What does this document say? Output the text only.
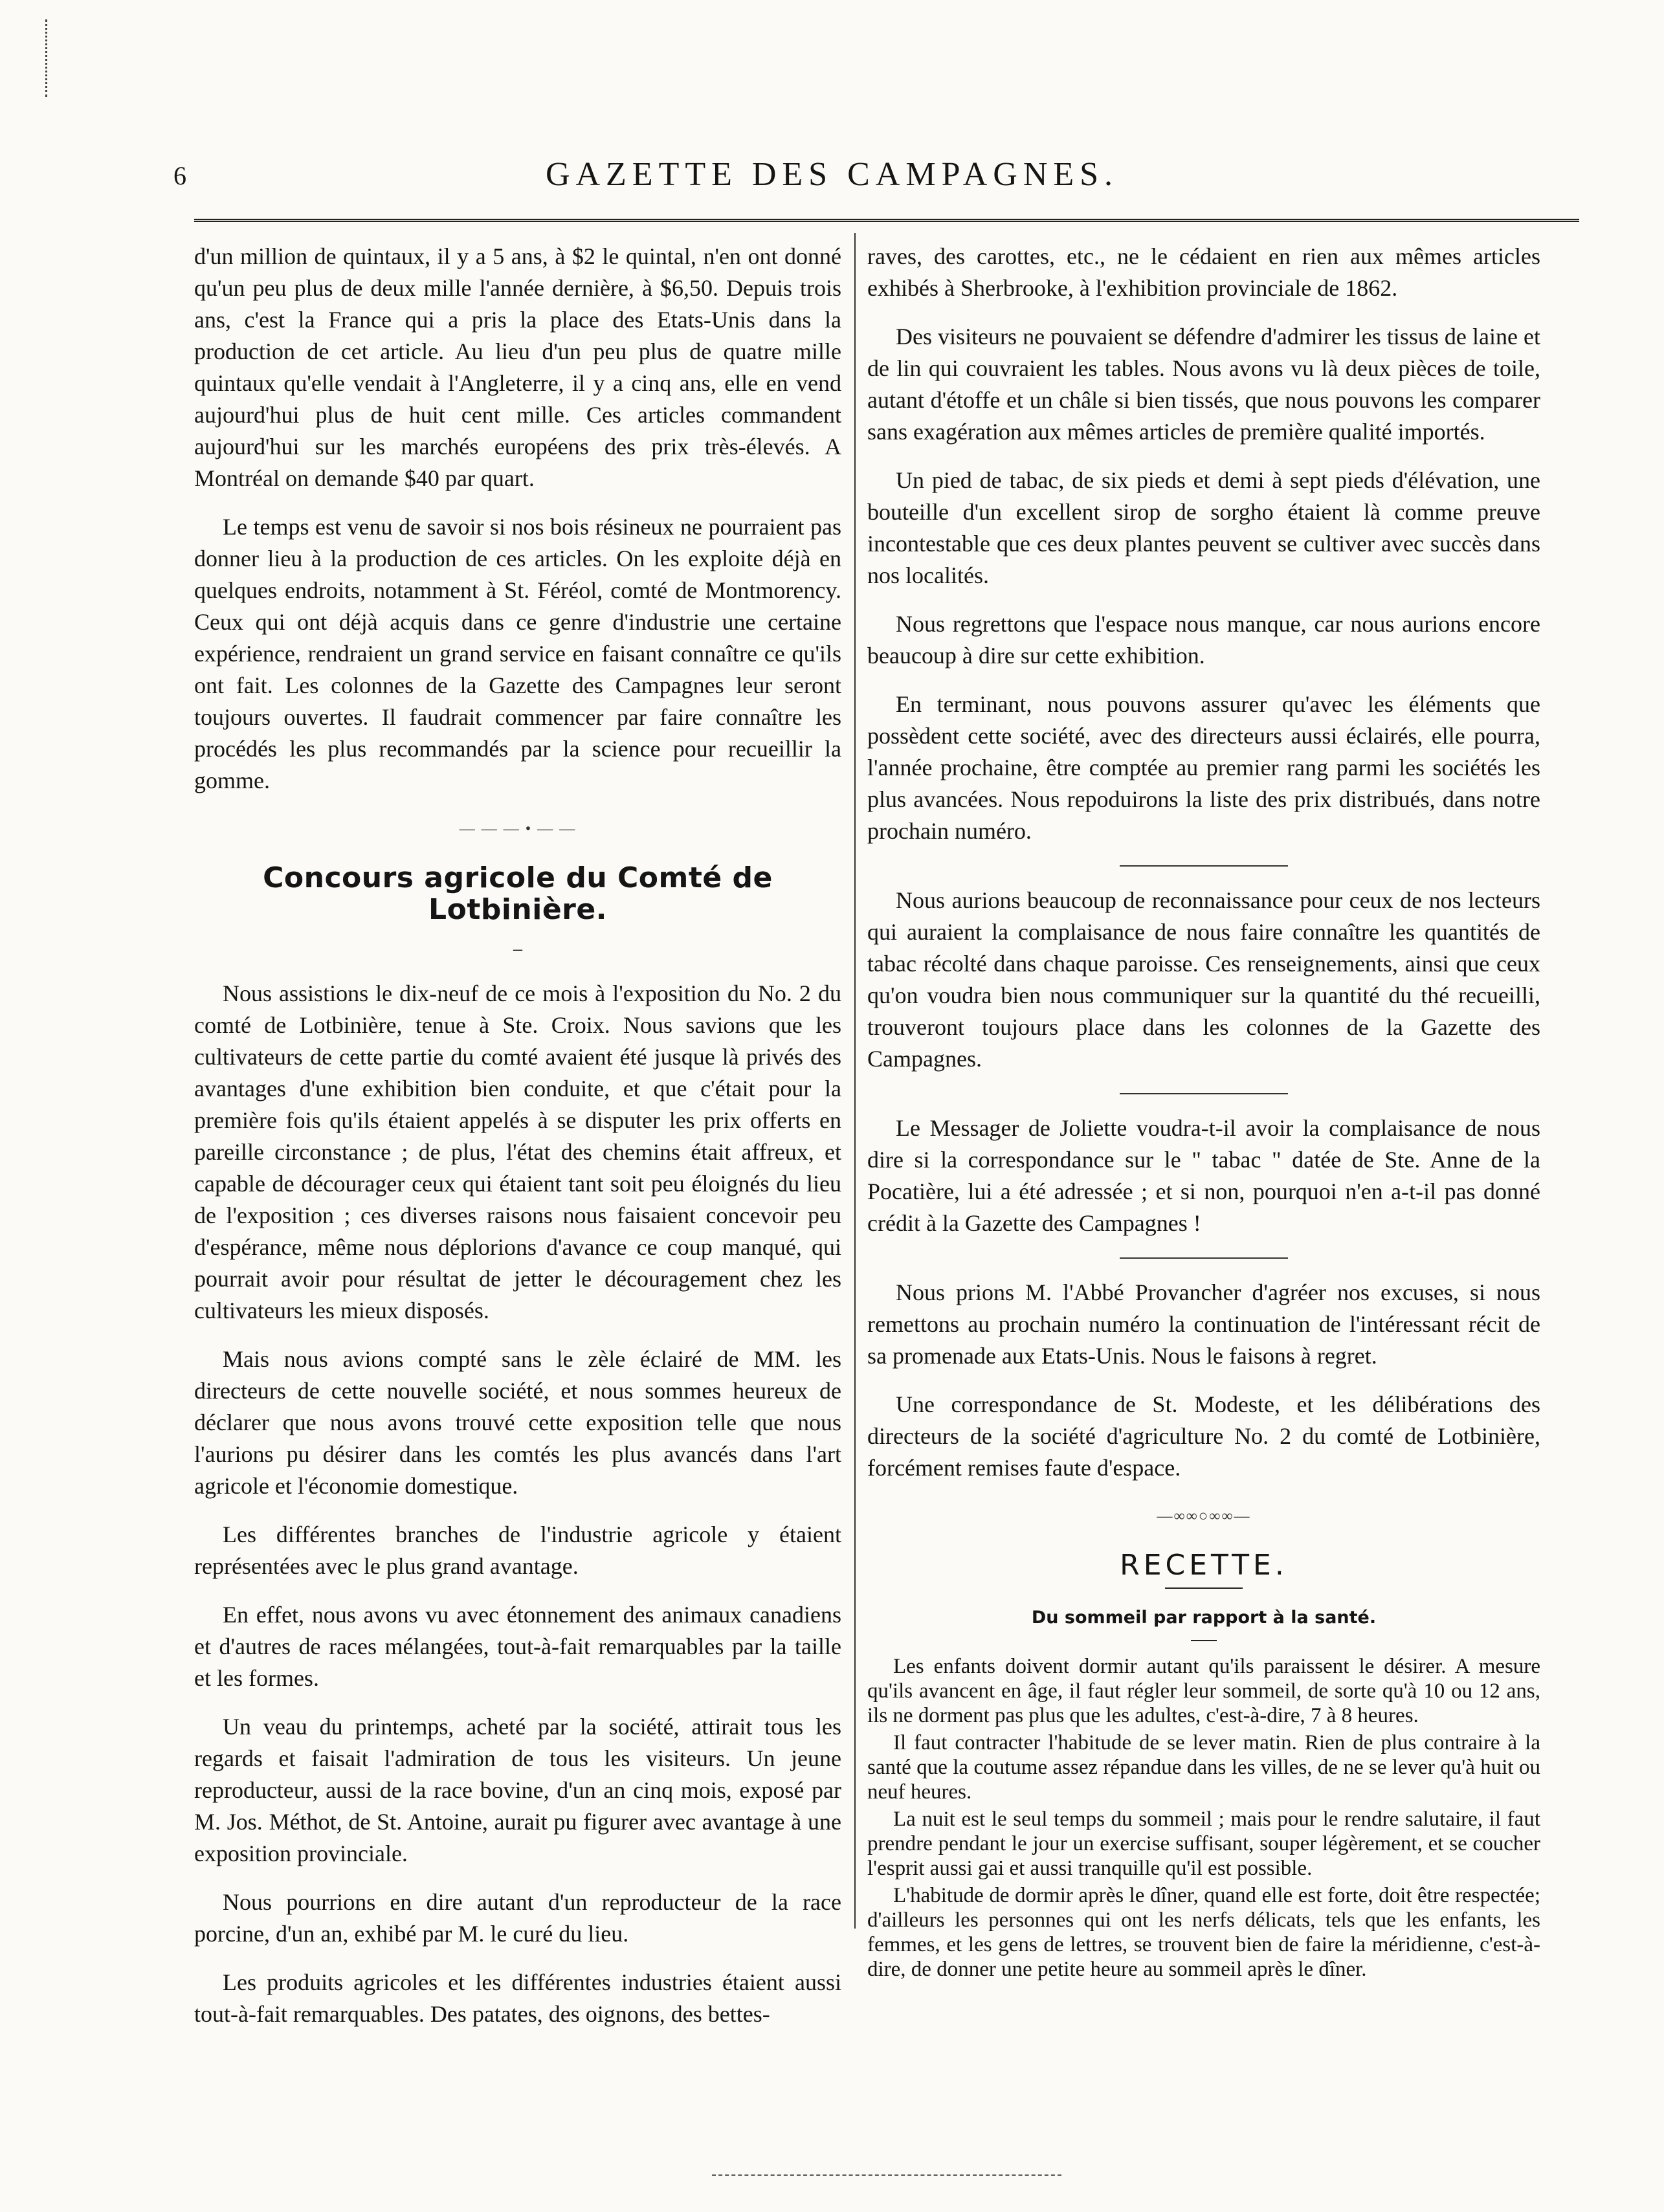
6	GAZETTE DES CAMPAGNES.

d'un million de quintaux, il y a 5 ans, à $2 le quintal, n'en ont donné qu'un peu plus de deux mille l'année dernière, à $6,50. Depuis trois ans, c'est la France qui a pris la place des Etats-Unis dans la production de cet article. Au lieu d'un peu plus de quatre mille quintaux qu'elle vendait à l'Angleterre, il y a cinq ans, elle en vend aujourd'hui plus de huit cent mille. Ces articles commandent aujourd'hui sur les marchés européens des prix très-élevés. A Montréal on demande $40 par quart.

Le temps est venu de savoir si nos bois résineux ne pourraient pas donner lieu à la production de ces articles. On les exploite déjà en quelques endroits, notamment à St. Féréol, comté de Montmorency. Ceux qui ont déjà acquis dans ce genre d'industrie une certaine expérience, rendraient un grand service en faisant connaître ce qu'ils ont fait. Les colonnes de la Gazette des Campagnes leur seront toujours ouvertes. Il faudrait commencer par faire connaître les procédés les plus recommandés par la science pour recueillir la gomme.

— — — • — —
Concours agricole du Comté de Lotbinière.
–

Nous assistions le dix-neuf de ce mois à l'exposition du No. 2 du comté de Lotbinière, tenue à Ste. Croix. Nous savions que les cultivateurs de cette partie du comté avaient été jusque là privés des avantages d'une exhibition bien conduite, et que c'était pour la première fois qu'ils étaient appelés à se disputer les prix offerts en pareille circonstance ; de plus, l'état des chemins était affreux, et capable de décourager ceux qui étaient tant soit peu éloignés du lieu de l'exposition ; ces diverses raisons nous faisaient concevoir peu d'espérance, même nous déplorions d'avance ce coup manqué, qui pourrait avoir pour résultat de jetter le découragement chez les cultivateurs les mieux disposés.

Mais nous avions compté sans le zèle éclairé de MM. les directeurs de cette nouvelle société, et nous sommes heureux de déclarer que nous avons trouvé cette exposition telle que nous l'aurions pu désirer dans les comtés les plus avancés dans l'art agricole et l'économie domestique.

Les différentes branches de l'industrie agricole y étaient représentées avec le plus grand avantage.

En effet, nous avons vu avec étonnement des animaux canadiens et d'autres de races mélangées, tout-à-fait remarquables par la taille et les formes.

Un veau du printemps, acheté par la société, attirait tous les regards et faisait l'admiration de tous les visiteurs. Un jeune reproducteur, aussi de la race bovine, d'un an cinq mois, exposé par M. Jos. Méthot, de St. Antoine, aurait pu figurer avec avantage à une exposition provinciale.

Nous pourrions en dire autant d'un reproducteur de la race porcine, d'un an, exhibé par M. le curé du lieu.

Les produits agricoles et les différentes industries étaient aussi tout-à-fait remarquables. Des patates, des oignons, des bettes-

raves, des carottes, etc., ne le cédaient en rien aux mêmes articles exhibés à Sherbrooke, à l'exhibition provinciale de 1862.

Des visiteurs ne pouvaient se défendre d'admirer les tissus de laine et de lin qui couvraient les tables. Nous avons vu là deux pièces de toile, autant d'étoffe et un châle si bien tissés, que nous pouvons les comparer sans exagération aux mêmes articles de première qualité importés.

Un pied de tabac, de six pieds et demi à sept pieds d'élévation, une bouteille d'un excellent sirop de sorgho étaient là comme preuve incontestable que ces deux plantes peuvent se cultiver avec succès dans nos localités.

Nous regrettons que l'espace nous manque, car nous aurions encore beaucoup à dire sur cette exhibition.

En terminant, nous pouvons assurer qu'avec les éléments que possèdent cette société, avec des directeurs aussi éclairés, elle pourra, l'année prochaine, être comptée au premier rang parmi les sociétés les plus avancées. Nous repoduirons la liste des prix distribués, dans notre prochain numéro.

Nous aurions beaucoup de reconnaissance pour ceux de nos lecteurs qui auraient la complaisance de nous faire connaître les quantités de tabac récolté dans chaque paroisse. Ces renseignements, ainsi que ceux qu'on voudra bien nous communiquer sur la quantité du thé recueilli, trouveront toujours place dans les colonnes de la Gazette des Campagnes.

Le Messager de Joliette voudra-t-il avoir la complaisance de nous dire si la correspondance sur le " tabac " datée de Ste. Anne de la Pocatière, lui a été adressée ; et si non, pourquoi n'en a-t-il pas donné crédit à la Gazette des Campagnes !

Nous prions M. l'Abbé Provancher d'agréer nos excuses, si nous remettons au prochain numéro la continuation de l'intéressant récit de sa promenade aux Etats-Unis. Nous le faisons à regret.

Une correspondance de St. Modeste, et les délibérations des directeurs de la société d'agriculture No. 2 du comté de Lotbinière, forcément remises faute d'espace.

—∞∞○∞∞—
RECETTE.
Du sommeil par rapport à la santé.

Les enfants doivent dormir autant qu'ils paraissent le désirer. A mesure qu'ils avancent en âge, il faut régler leur sommeil, de sorte qu'à 10 ou 12 ans, ils ne dorment pas plus que les adultes, c'est-à-dire, 7 à 8 heures.

Il faut contracter l'habitude de se lever matin. Rien de plus contraire à la santé que la coutume assez répandue dans les villes, de ne se lever qu'à huit ou neuf heures.

La nuit est le seul temps du sommeil ; mais pour le rendre salutaire, il faut prendre pendant le jour un exercise suffisant, souper légèrement, et se coucher l'esprit aussi gai et aussi tranquille qu'il est possible.

L'habitude de dormir après le dîner, quand elle est forte, doit être respectée; d'ailleurs les personnes qui ont les nerfs délicats, tels que les enfants, les femmes, et les gens de lettres, se trouvent bien de faire la méridienne, c'est-à-dire, de donner une petite heure au sommeil après le dîner.
